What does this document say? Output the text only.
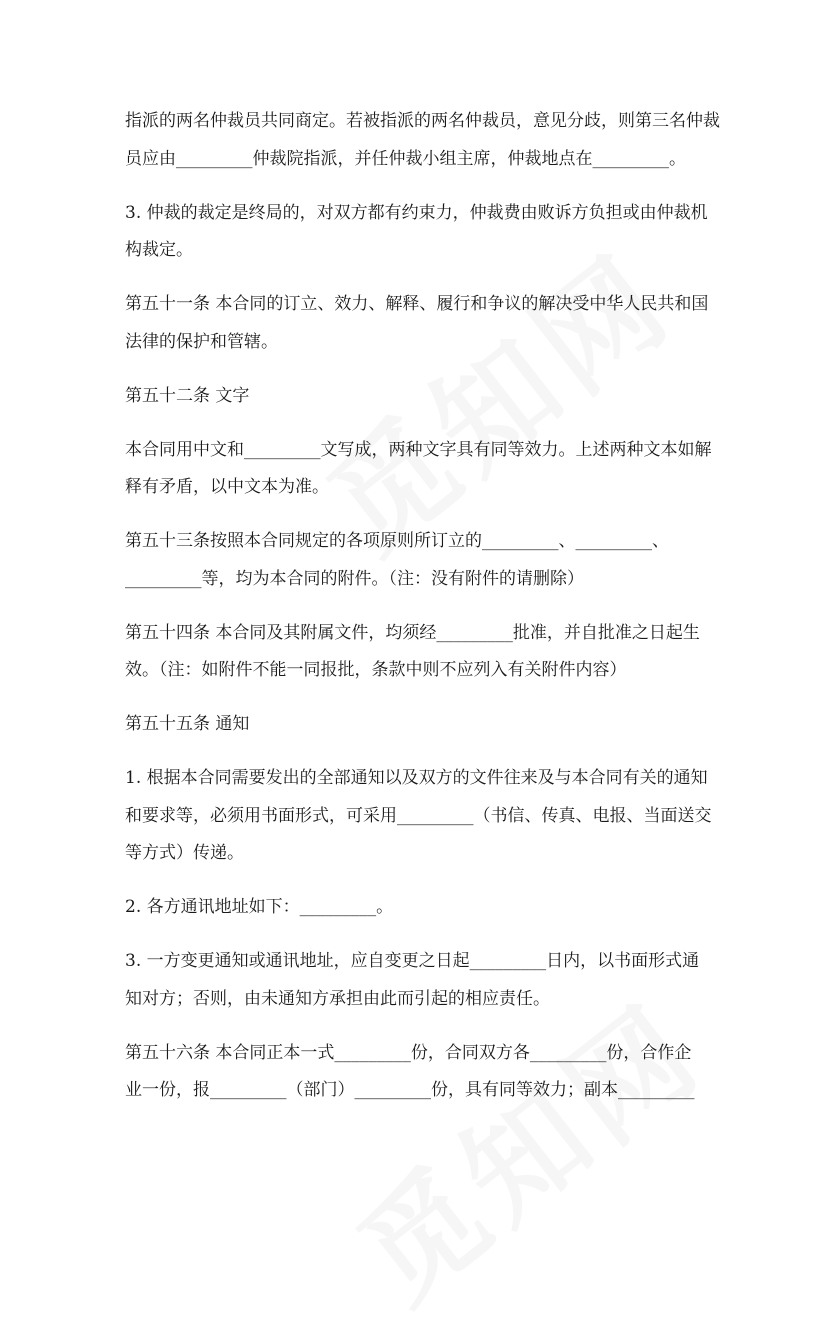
指派的两名仲裁员共同商定。若被指派的两名仲裁员，意见分歧，则第三名仲裁
员应由_________仲裁院指派，并任仲裁小组主席，仲裁地点在_________。

3. 仲裁的裁定是终局的，对双方都有约束力，仲裁费由败诉方负担或由仲裁机
构裁定。

第五十一条 本合同的订立、效力、解释、履行和争议的解决受中华人民共和国
法律的保护和管辖。

第五十二条 文字

本合同用中文和_________文写成，两种文字具有同等效力。上述两种文本如解
释有矛盾，以中文本为准。

第五十三条按照本合同规定的各项原则所订立的_________、_________、
_________等，均为本合同的附件。（注：没有附件的请删除）

第五十四条 本合同及其附属文件，均须经_________批准，并自批准之日起生
效。（注：如附件不能一同报批，条款中则不应列入有关附件内容）

第五十五条 通知

1. 根据本合同需要发出的全部通知以及双方的文件往来及与本合同有关的通知
和要求等，必须用书面形式，可采用_________（书信、传真、电报、当面送交
等方式）传递。

2. 各方通讯地址如下：_________。

3. 一方变更通知或通讯地址，应自变更之日起_________日内，以书面形式通
知对方；否则，由未通知方承担由此而引起的相应责任。

第五十六条 本合同正本一式_________份，合同双方各_________份，合作企
业一份，报_________（部门）_________份，具有同等效力；副本_________
